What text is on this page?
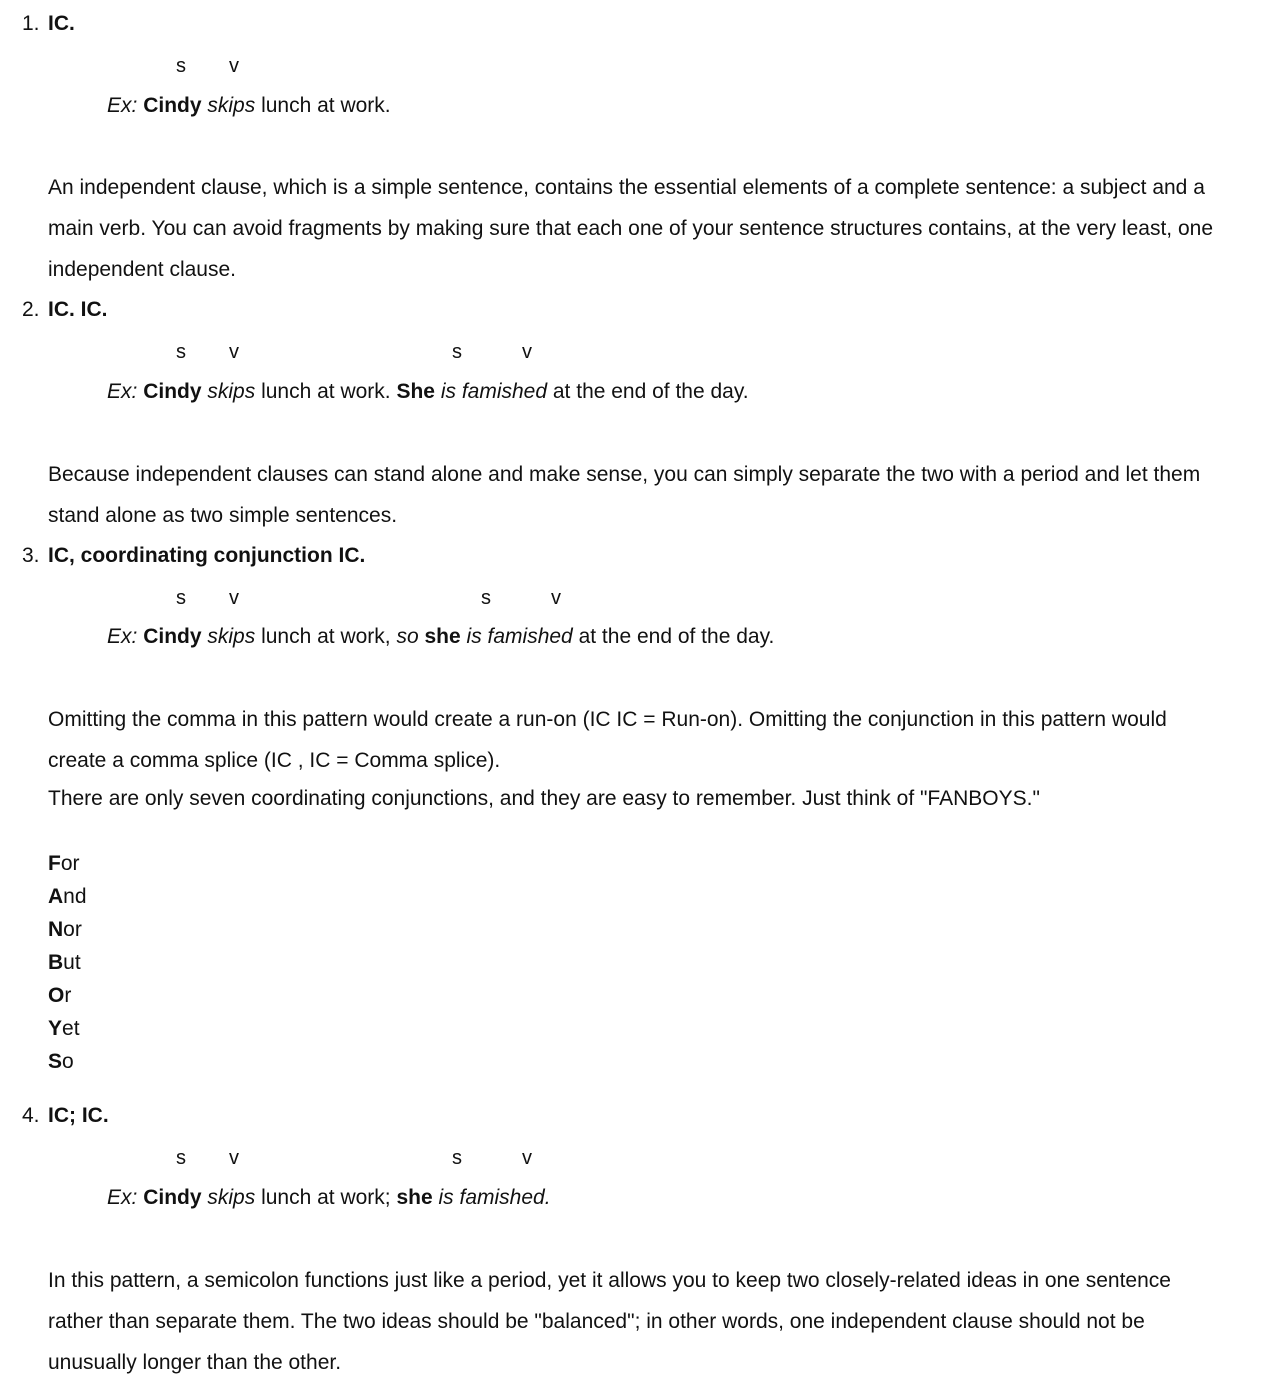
1. IC.
s v
Ex: Cindy skips lunch at work.
An independent clause, which is a simple sentence, contains the essential elements of a complete sentence: a subject and a main verb. You can avoid fragments by making sure that each one of your sentence structures contains, at the very least, one independent clause.
2. IC. IC.
s v	s	v
Ex: Cindy skips lunch at work. She is famished at the end of the day.
Because independent clauses can stand alone and make sense, you can simply separate the two with a period and let them stand alone as two simple sentences.
3. IC, coordinating conjunction IC.
s v	s	v
Ex: Cindy skips lunch at work, so she is famished at the end of the day.
Omitting the comma in this pattern would create a run-on (IC IC = Run-on). Omitting the conjunction in this pattern would create a comma splice (IC , IC = Comma splice).
There are only seven coordinating conjunctions, and they are easy to remember. Just think of "FANBOYS."
For
And
Nor
But
Or
Yet
So
4. IC; IC.
s v	s	v
Ex: Cindy skips lunch at work; she is famished.
In this pattern, a semicolon functions just like a period, yet it allows you to keep two closely-related ideas in one sentence rather than separate them. The two ideas should be "balanced"; in other words, one independent clause should not be unusually longer than the other.
